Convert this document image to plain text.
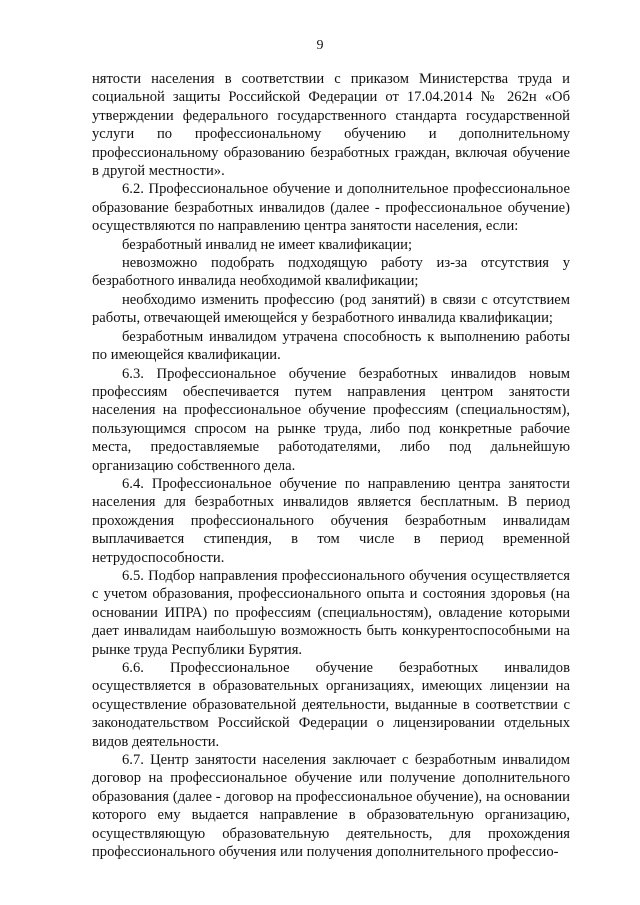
9

нятости населения в соответствии с приказом Министерства труда и социальной защиты Российской Федерации от 17.04.2014 № 262н «Об утверждении федерального государственного стандарта государственной услуги по профессиональному обучению и дополнительному профессиональному образованию безработных граждан, включая обучение в другой местности».

6.2. Профессиональное обучение и дополнительное профессиональное образование безработных инвалидов (далее - профессиональное обучение) осуществляются по направлению центра занятости населения, если:

безработный инвалид не имеет квалификации;

невозможно подобрать подходящую работу из-за отсутствия у безработного инвалида необходимой квалификации;

необходимо изменить профессию (род занятий) в связи с отсутствием работы, отвечающей имеющейся у безработного инвалида квалификации;

безработным инвалидом утрачена способность к выполнению работы по имеющейся квалификации.

6.3. Профессиональное обучение безработных инвалидов новым профессиям обеспечивается путем направления центром занятости населения на профессиональное обучение профессиям (специальностям), пользующимся спросом на рынке труда, либо под конкретные рабочие места, предоставляемые работодателями, либо под дальнейшую организацию собственного дела.

6.4. Профессиональное обучение по направлению центра занятости населения для безработных инвалидов является бесплатным. В период прохождения профессионального обучения безработным инвалидам выплачивается стипендия, в том числе в период временной нетрудоспособности.

6.5. Подбор направления профессионального обучения осуществляется с учетом образования, профессионального опыта и состояния здоровья (на основании ИПРА) по профессиям (специальностям), овладение которыми дает инвалидам наибольшую возможность быть конкурентоспособными на рынке труда Республики Бурятия.

6.6. Профессиональное обучение безработных инвалидов осуществляется в образовательных организациях, имеющих лицензии на осуществление образовательной деятельности, выданные в соответствии с законодательством Российской Федерации о лицензировании отдельных видов деятельности.

6.7. Центр занятости населения заключает с безработным инвалидом договор на профессиональное обучение или получение дополнительного образования (далее - договор на профессиональное обучение), на основании которого ему выдается направление в образовательную организацию, осуществляющую образовательную деятельность, для прохождения профессионального обучения или получения дополнительного профессио-
